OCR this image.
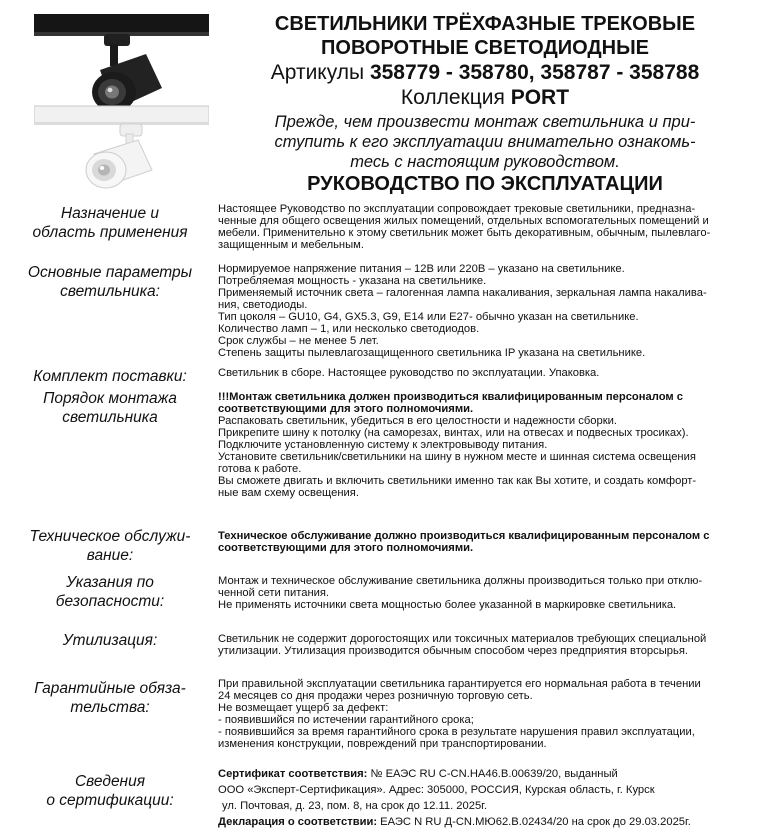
СВЕТИЛЬНИКИ ТРЁХФАЗНЫЕ ТРЕКОВЫЕ
ПОВОРОТНЫЕ СВЕТОДИОДНЫЕ
Артикулы 358779 - 358780, 358787 - 358788
Коллекция PORT
Прежде, чем произвести монтаж светильника и при-
ступить к его эксплуатации внимательно ознакомь-
тесь с настоящим руководством.
РУКОВОДСТВО ПО ЭКСПЛУАТАЦИИ
Назначение и
область применения

Настоящее Руководство по эксплуатации сопровождает трековые светильники, предназна-

ченные для общего освещения жилых помещений, отдельных вспомогательных помещений и

мебели. Применительно к этому светильник может быть декоративным, обычным, пылевлаго-

защищенным и мебельным.

Основные параметры
светильника:

Нормируемое напряжение питания – 12В или 220В – указано на светильнике.

Потребляемая мощность - указана на светильнике.

Применяемый источник света – галогенная лампа накаливания, зеркальная лампа накалива-

ния, светодиоды.

Тип цоколя – GU10, G4, GX5.3, G9, E14 или E27- обычно указан на светильнике.

Количество ламп – 1, или несколько светодиодов.

Срок службы – не менее 5 лет.

Степень защиты пылевлагозащищенного светильника IP указана на светильнике.

Комплект поставки:	Светильник в сборе. Настоящее руководство по эксплуатации. Упаковка.
Порядок монтажа
светильника

!!!Монтаж светильника должен производиться квалифицированным персоналом с

соответствующими для этого полномочиями.

Распаковать светильник, убедиться в его целостности и надежности сборки.

Прикрепите шину к потолку (на саморезах, винтах, или на отвесах и подвесных тросиках).

Подключите установленную систему к электровыводу питания.

Установите светильник/светильники на шину в нужном месте и шинная система освещения

готова к работе.

Вы сможете двигать и включить светильники именно так как Вы хотите, и создать комфорт-

ные вам схему освещения.

Техническое обслужи-
вание:

Техническое обслуживание должно производиться квалифицированным персоналом с

соответствующими для этого полномочиями.

Указания по
безопасности:

Монтаж и техническое обслуживание светильника должны производиться только при отклю-

ченной сети питания.

Не применять источники света мощностью более указанной в маркировке светильника.

Утилизация:	Светильник не содержит дорогостоящих или токсичных материалов требующих специальной

утилизации. Утилизация производится обычным способом через предприятия вторсырья.

Гарантийные обяза-
тельства:

При правильной эксплуатации светильника гарантируется его нормальная работа в течении

24 месяцев со дня продажи через розничную торговую сеть.

Не возмещает ущерб за дефект:

- появившийся по истечении гарантийного срока;

- появившийся за время гарантийного срока в результате нарушения правил эксплуатации,

изменения конструкции, повреждений при транспортировании.

Сведения
о сертификации:

Сертификат соответствия: № ЕАЭС RU C-CN.НА46.В.00639/20, выданный

ООО «Эксперт-Сертификация». Адрес: 305000, РОССИЯ, Курская область, г. Курск

ул. Почтовая, д. 23, пом. 8, на срок до 12.11. 2025г.

Декларация о соответствии: ЕАЭС N RU Д-CN.МЮ62.В.02434/20 на срок до 29.03.2025г.
